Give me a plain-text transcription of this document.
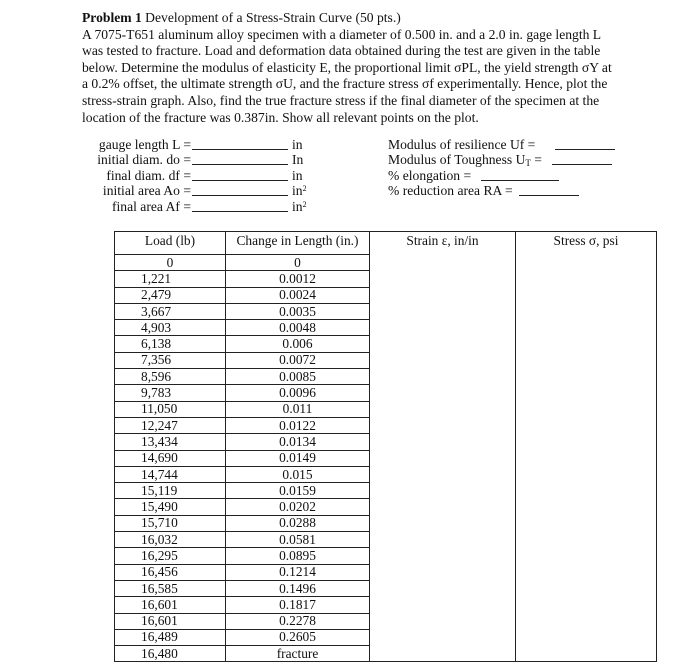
Problem 1 Development of a Stress-Strain Curve (50 pts.)
A 7075-T651 aluminum alloy specimen with a diameter of 0.500 in. and a 2.0 in. gage length L
was tested to fracture. Load and deformation data obtained during the test are given in the table
below. Determine the modulus of elasticity E, the proportional limit σPL, the yield strength σY at
a 0.2% offset, the ultimate strength σU, and the fracture stress σf experimentally. Hence, plot the
stress-strain graph. Also, find the true fracture stress if the final diameter of the specimen at the
location of the fracture was 0.387in. Show all relevant points on the plot.
gauge length L =	in
initial diam. do =	In
final diam. df =	in
initial area Ao =	$in^2$
final area Af =	$in^2$
Modulus of resilience Uf =
Modulus of Toughness $U_T$ =
% elongation =
% reduction area RA =
Load (lb)	Change in Length (in.)	Strain ε, in/in	Stress σ, psi
0	0		
1,221	0.0012		
2,479	0.0024		
3,667	0.0035		
4,903	0.0048		
6,138	0.006		
7,356	0.0072		
8,596	0.0085		
9,783	0.0096		
11,050	0.011		
12,247	0.0122		
13,434	0.0134		
14,690	0.0149		
14,744	0.015		
15,119	0.0159		
15,490	0.0202		
15,710	0.0288		
16,032	0.0581		
16,295	0.0895		
16,456	0.1214		
16,585	0.1496		
16,601	0.1817		
16,601	0.2278		
16,489	0.2605		
16,480	fracture		
